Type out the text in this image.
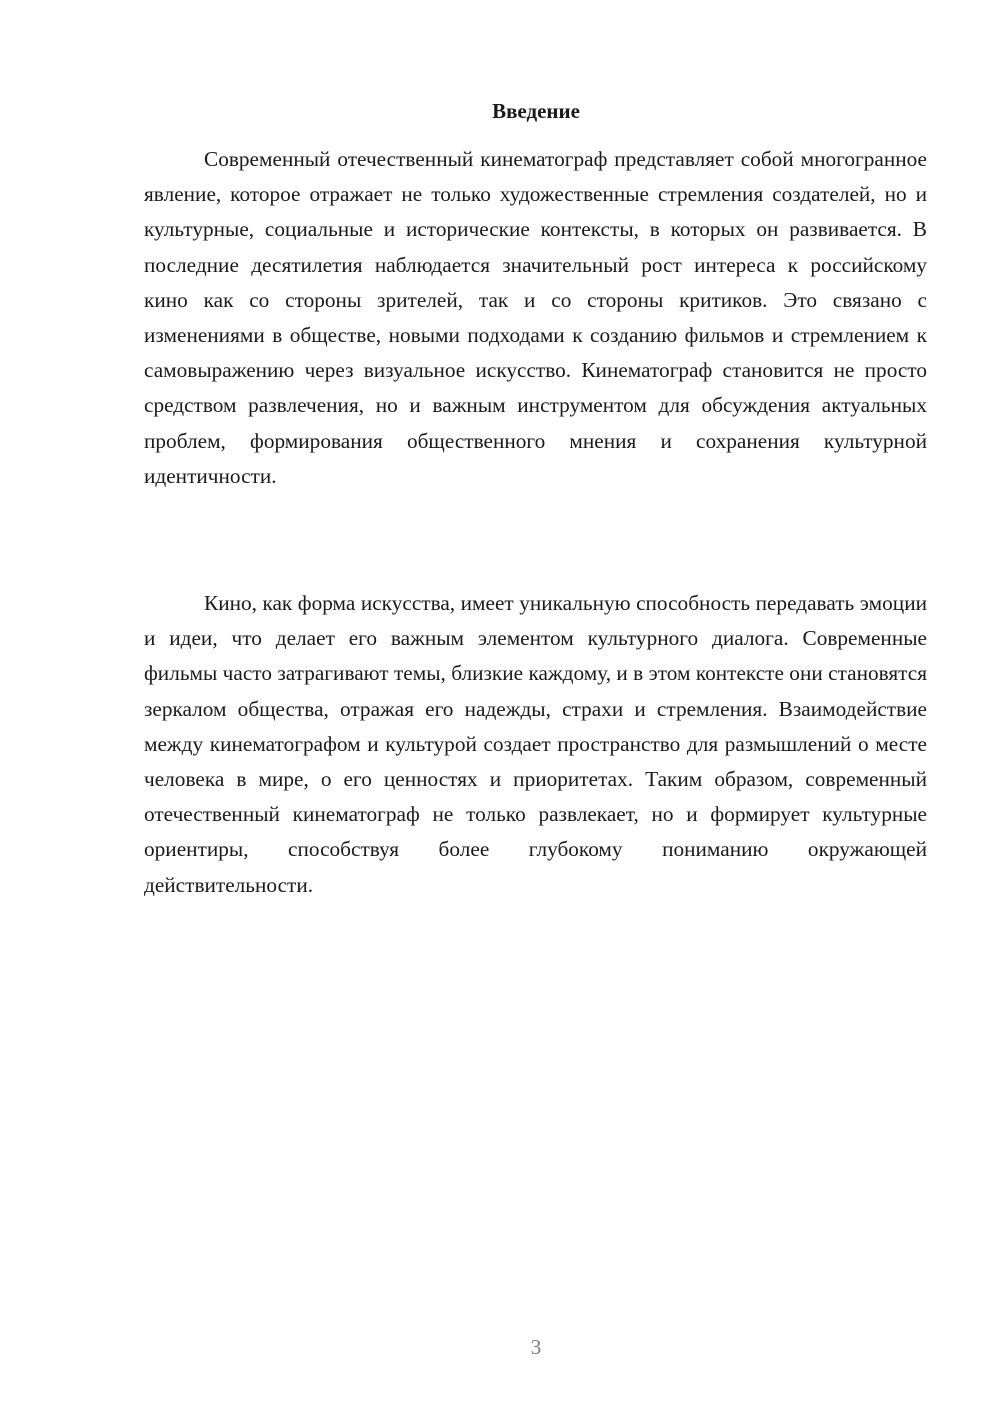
Введение

Современный отечественный кинематограф представляет собой многогранное явление, которое отражает не только художественные стремления создателей, но и культурные, социальные и исторические контексты, в которых он развивается. В последние десятилетия наблюдается значительный рост интереса к российскому кино как со стороны зрителей, так и со стороны критиков. Это связано с изменениями в обществе, новыми подходами к созданию фильмов и стремлением к самовыражению через визуальное искусство. Кинематограф становится не просто средством развлечения, но и важным инструментом для обсуждения актуальных проблем, формирования общественного мнения и сохранения культурной идентичности.

Кино, как форма искусства, имеет уникальную способность передавать эмоции и идеи, что делает его важным элементом культурного диалога. Современные фильмы часто затрагивают темы, близкие каждому, и в этом контексте они становятся зеркалом общества, отражая его надежды, страхи и стремления. Взаимодействие между кинематографом и культурой создает пространство для размышлений о месте человека в мире, о его ценностях и приоритетах. Таким образом, современный отечественный кинематограф не только развлекает, но и формирует культурные ориентиры, способствуя более глубокому пониманию окружающей действительности.

3
